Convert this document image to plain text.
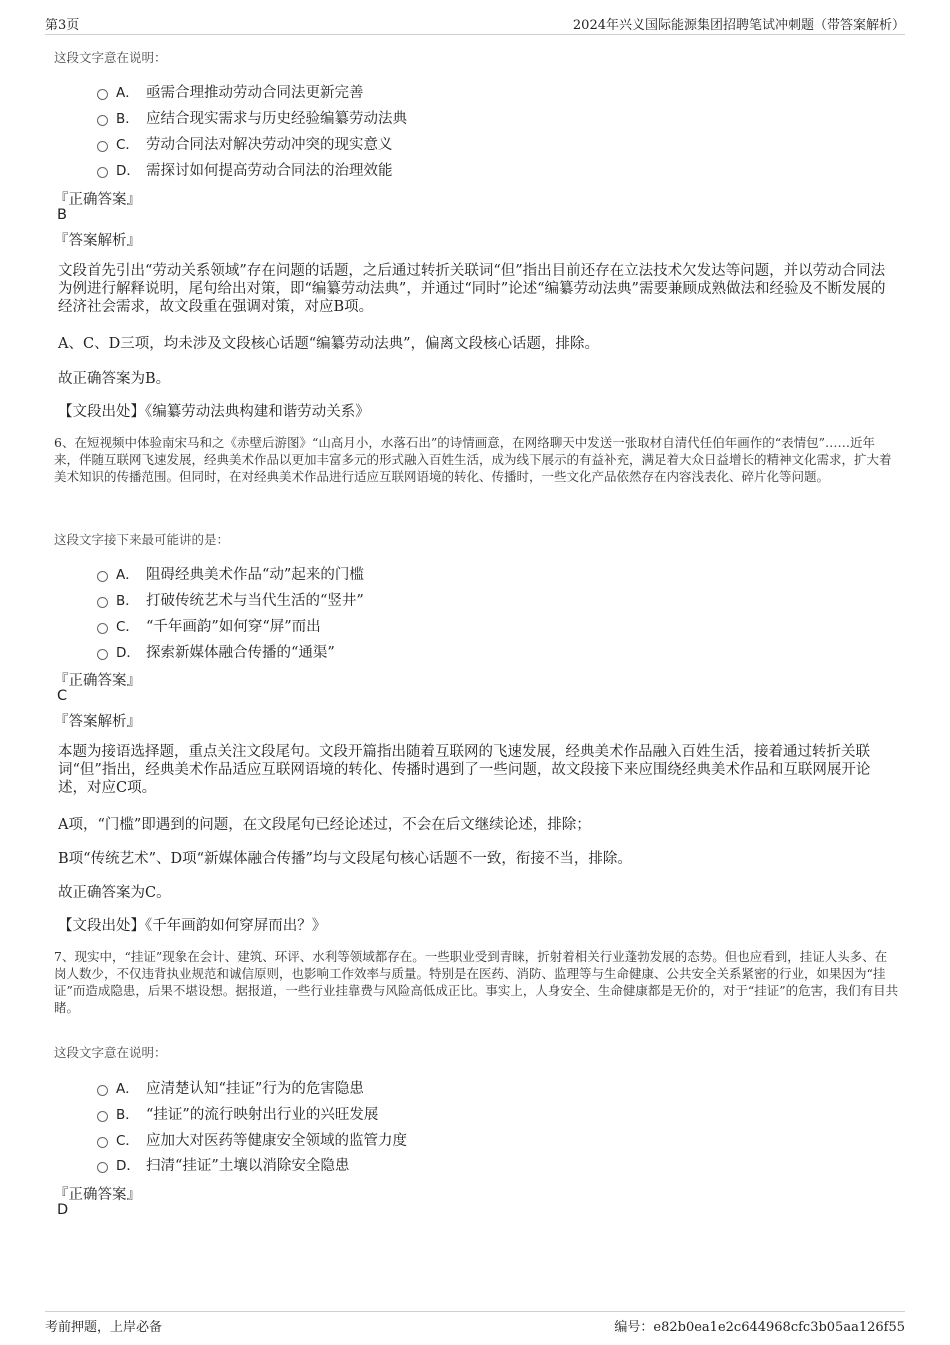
第3页	2024年兴义国际能源集团招聘笔试冲刺题（带答案解析）
这段文字意在说明：
A． 亟需合理推动劳动合同法更新完善
B． 应结合现实需求与历史经验编纂劳动法典
C． 劳动合同法对解决劳动冲突的现实意义
D． 需探讨如何提高劳动合同法的治理效能
『正确答案』
B
『答案解析』
文段首先引出“劳动关系领域”存在问题的话题，之后通过转折关联词“但”指出目前还存在立法技术欠发达等问题，并以劳动合同法为例进行解释说明，尾句给出对策，即“编纂劳动法典”，并通过“同时”论述“编纂劳动法典”需要兼顾成熟做法和经验及不断发展的经济社会需求，故文段重在强调对策，对应B项。
A、C、D三项，均未涉及文段核心话题“编纂劳动法典”，偏离文段核心话题，排除。
故正确答案为B。
【文段出处】《编纂劳动法典构建和谐劳动关系》
6、在短视频中体验南宋马和之《赤壁后游图》“山高月小，水落石出”的诗情画意，在网络聊天中发送一张取材自清代任伯年画作的“表情包”……近年来，伴随互联网飞速发展，经典美术作品以更加丰富多元的形式融入百姓生活，成为线下展示的有益补充，满足着大众日益增长的精神文化需求，扩大着美术知识的传播范围。但同时，在对经典美术作品进行适应互联网语境的转化、传播时，一些文化产品依然存在内容浅表化、碎片化等问题。
这段文字接下来最可能讲的是：
A． 阻碍经典美术作品“动”起来的门槛
B． 打破传统艺术与当代生活的“竖井”
C． “千年画韵”如何穿“屏”而出
D． 探索新媒体融合传播的“通渠”
『正确答案』
C
『答案解析』
本题为接语选择题，重点关注文段尾句。文段开篇指出随着互联网的飞速发展，经典美术作品融入百姓生活，接着通过转折关联词“但”指出，经典美术作品适应互联网语境的转化、传播时遇到了一些问题，故文段接下来应围绕经典美术作品和互联网展开论述，对应C项。
A项，“门槛”即遇到的问题，在文段尾句已经论述过，不会在后文继续论述，排除；
B项“传统艺术”、D项“新媒体融合传播”均与文段尾句核心话题不一致，衔接不当，排除。
故正确答案为C。
【文段出处】《千年画韵如何穿屏而出？》
7、现实中，“挂证”现象在会计、建筑、环评、水利等领域都存在。一些职业受到青睐，折射着相关行业蓬勃发展的态势。但也应看到，挂证人头多、在岗人数少，不仅违背执业规范和诚信原则，也影响工作效率与质量。特别是在医药、消防、监理等与生命健康、公共安全关系紧密的行业，如果因为“挂证”而造成隐患，后果不堪设想。据报道，一些行业挂靠费与风险高低成正比。事实上，人身安全、生命健康都是无价的，对于“挂证”的危害，我们有目共睹。
这段文字意在说明：
A． 应清楚认知“挂证”行为的危害隐患
B． “挂证”的流行映射出行业的兴旺发展
C． 应加大对医药等健康安全领域的监管力度
D． 扫清“挂证”土壤以消除安全隐患
『正确答案』
D
考前押题，上岸必备	编号：e82b0ea1e2c644968cfc3b05aa126f55
